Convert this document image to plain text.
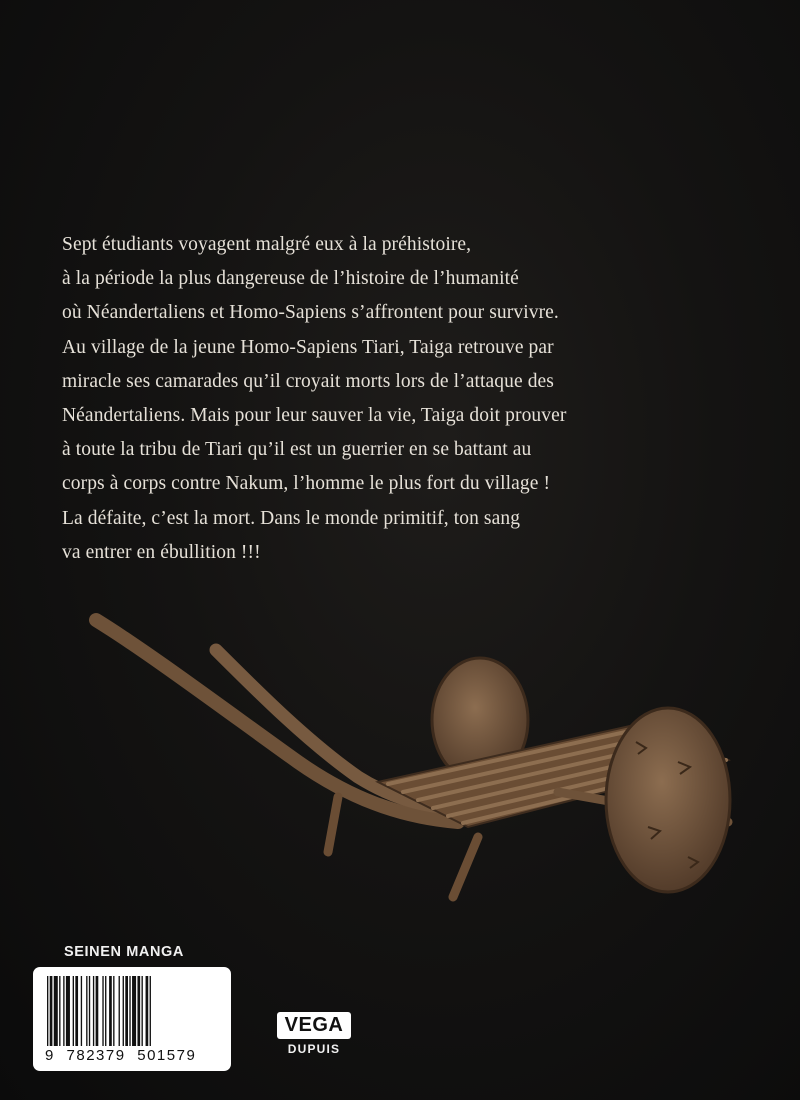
Sept étudiants voyagent malgré eux à la préhistoire,
à la période la plus dangereuse de l’histoire de l’humanité
où Néandertaliens et Homo-Sapiens s’affrontent pour survivre.
Au village de la jeune Homo-Sapiens Tiari, Taiga retrouve par
miracle ses camarades qu’il croyait morts lors de l’attaque des
Néandertaliens. Mais pour leur sauver la vie, Taiga doit prouver
à toute la tribu de Tiari qu’il est un guerrier en se battant au
corps à corps contre Nakum, l’homme le plus fort du village !
La défaite, c’est la mort. Dans le monde primitif, ton sang
va entrer en ébullition !!!
SEINEN MANGA
9 782379 501579
VEGA
DUPUIS
